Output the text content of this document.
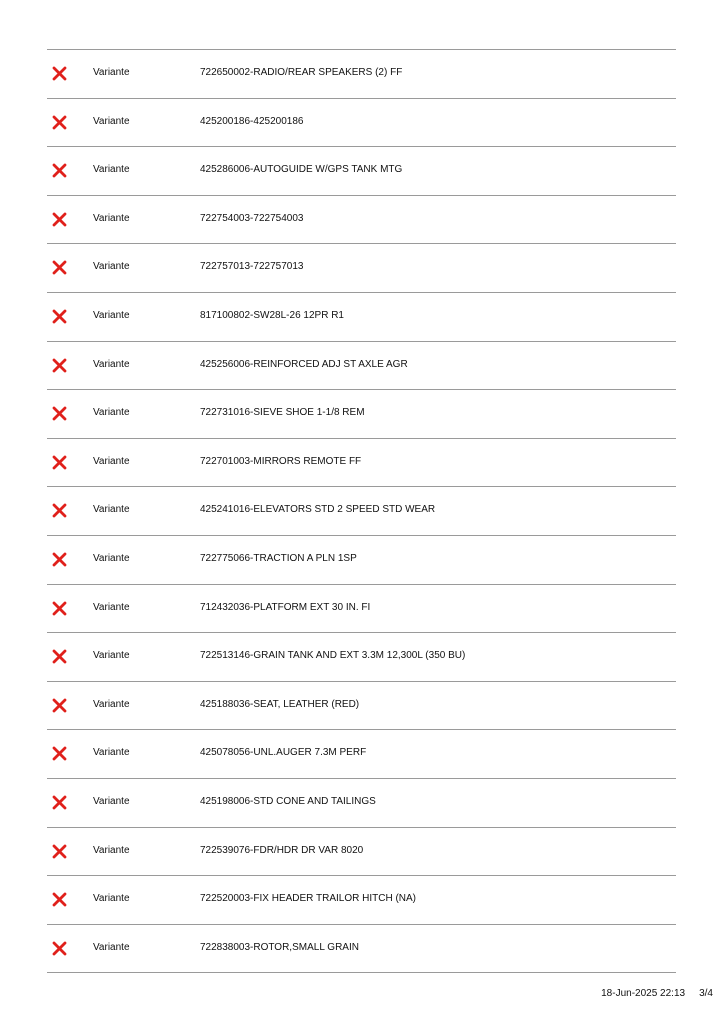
Variante	722650002-RADIO/REAR SPEAKERS (2) FF
Variante	425200186-425200186
Variante	425286006-AUTOGUIDE W/GPS TANK MTG
Variante	722754003-722754003
Variante	722757013-722757013
Variante	817100802-SW28L-26 12PR R1
Variante	425256006-REINFORCED ADJ ST AXLE AGR
Variante	722731016-SIEVE SHOE 1-1/8 REM
Variante	722701003-MIRRORS REMOTE FF
Variante	425241016-ELEVATORS STD 2 SPEED STD WEAR
Variante	722775066-TRACTION A PLN 1SP
Variante	712432036-PLATFORM EXT 30 IN. FI
Variante	722513146-GRAIN TANK AND EXT 3.3M 12,300L (350 BU)
Variante	425188036-SEAT, LEATHER (RED)
Variante	425078056-UNL.AUGER 7.3M PERF
Variante	425198006-STD CONE AND TAILINGS
Variante	722539076-FDR/HDR DR VAR 8020
Variante	722520003-FIX HEADER TRAILOR HITCH (NA)
Variante	722838003-ROTOR,SMALL GRAIN
18-Jun-2025 22:13 3/4
